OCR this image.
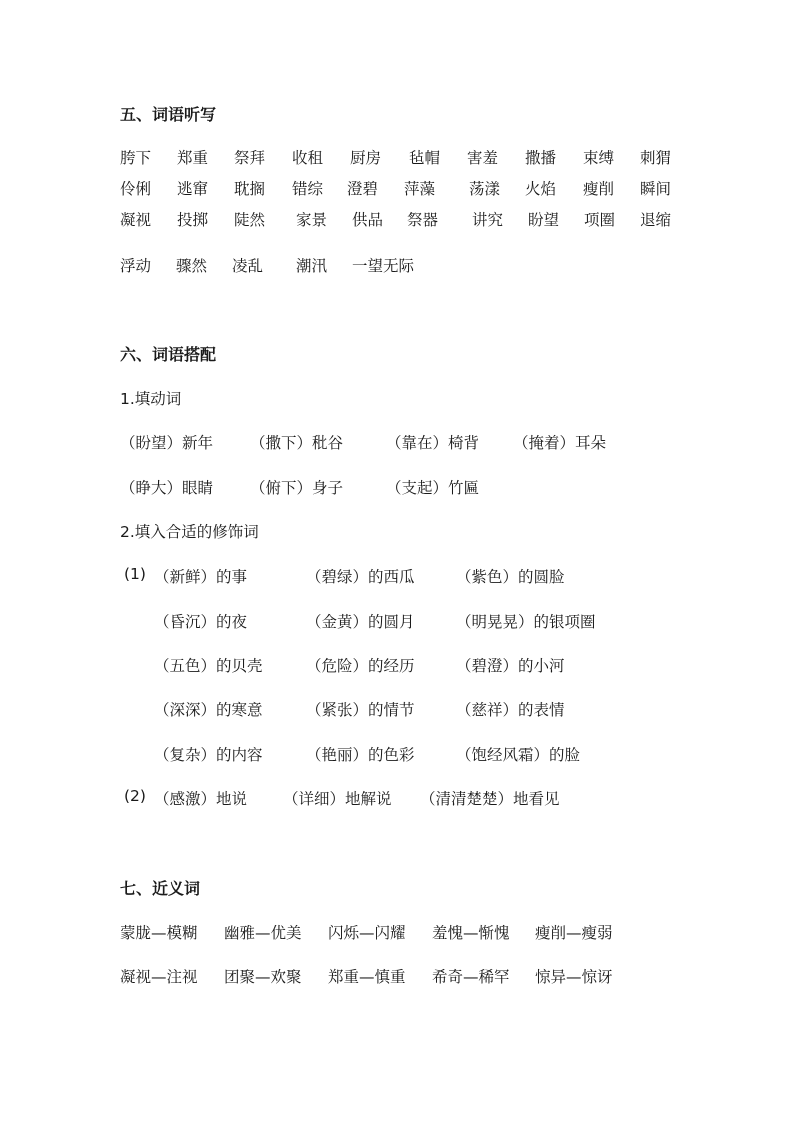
五、词语听写
胯下 郑重 祭拜 收租 厨房 毡帽 害羞 撒播 束缚 刺猬
伶俐 逃窜 耽搁 错综 澄碧 萍藻 荡漾 火焰 瘦削 瞬间
凝视 投掷 陡然 家景 供品 祭器 讲究 盼望 项圈 退缩
浮动 骤然 凌乱 潮汛 一望无际
六、词语搭配
1.填动词
（盼望）新年 （撒下）秕谷	（靠在）椅背 （掩着）耳朵
（睁大）眼睛 （俯下）身子	（支起）竹匾
2.填入合适的修饰词
(1) （新鲜）的事	（碧绿）的西瓜	（紫色）的圆脸
（昏沉）的夜	（金黄）的圆月	（明晃晃）的银项圈
（五色）的贝壳	（危险）的经历	（碧澄）的小河
（深深）的寒意	（紧张）的情节	（慈祥）的表情
（复杂）的内容	（艳丽）的色彩	（饱经风霜）的脸
(2) （感激）地说 （详细）地解说 （清清楚楚）地看见
七、近义词
蒙胧—模糊 幽雅—优美 闪烁—闪耀 羞愧—惭愧 瘦削—瘦弱
凝视—注视 团聚—欢聚 郑重—慎重 希奇—稀罕 惊异—惊讶
